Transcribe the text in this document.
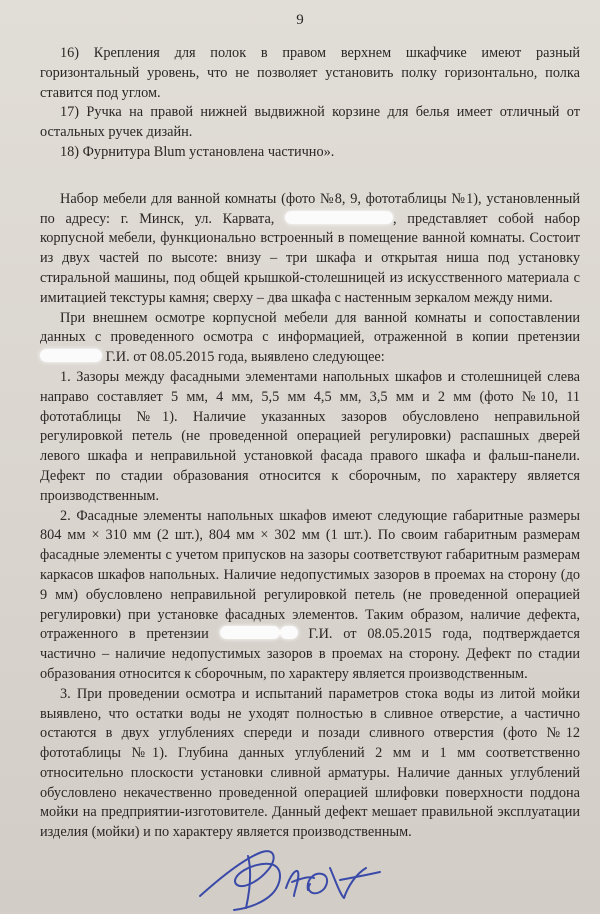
9

16) Крепления для полок в правом верхнем шкафчике имеют разный горизонтальный уровень, что не позволяет установить полку горизонтально, полка ставится под углом.

17) Ручка на правой нижней выдвижной корзине для белья имеет отличный от остальных ручек дизайн.

18) Фурнитура Blum установлена частично».

Набор мебели для ванной комнаты (фото №8, 9, фототаблицы №1), установленный по адресу: г. Минск, ул. Карвата,	, представляет собой набор корпусной мебели, функционально встроенный в помещение ванной комнаты. Состоит из двух частей по высоте: внизу – три шкафа и открытая ниша под установку стиральной машины, под общей крышкой-столешницей из искусственного материала с имитацией текстуры камня; сверху – два шкафа с настенным зеркалом между ними.

При внешнем осмотре корпусной мебели для ванной комнаты и сопоставлении данных с проведенного осмотра с информацией, отраженной в копии претензии  Г.И. от 08.05.2015 года, выявлено следующее:

1. Зазоры между фасадными элементами напольных шкафов и столешницей слева направо составляет 5 мм, 4 мм, 5,5 мм 4,5 мм, 3,5 мм и 2 мм (фото №10, 11 фототаблицы №1). Наличие указанных зазоров обусловлено неправильной регулировкой петель (не проведенной операцией регулировки) распашных дверей левого шкафа и неправильной установкой фасада правого шкафа и фальш-панели. Дефект по стадии образования относится к сборочным, по характеру является производственным.

2. Фасадные элементы напольных шкафов имеют следующие габаритные размеры 804 мм × 310 мм (2 шт.), 804 мм × 302 мм (1 шт.). По своим габаритным размерам фасадные элементы с учетом припусков на зазоры соответствуют габаритным размерам каркасов шкафов напольных. Наличие недопустимых зазоров в проемах на сторону (до 9 мм) обусловлено неправильной регулировкой петель (не проведенной операцией регулировки) при установке фасадных элементов. Таким образом, наличие дефекта, отраженного в претензии	Г.И. от 08.05.2015 года, подтверждается частично – наличие недопустимых зазоров в проемах на сторону. Дефект по стадии образования относится к сборочным, по характеру является производственным.

3. При проведении осмотра и испытаний параметров стока воды из литой мойки выявлено, что остатки воды не уходят полностью в сливное отверстие, а частично остаются в двух углублениях спереди и позади сливного отверстия (фото №12 фототаблицы №1). Глубина данных углублений 2 мм и 1 мм соответственно относительно плоскости установки сливной арматуры. Наличие данных углублений обусловлено некачественно проведенной операцией шлифовки поверхности поддона мойки на предприятии-изготовителе. Данный дефект мешает правильной эксплуатации изделия (мойки) и по характеру является производственным.
